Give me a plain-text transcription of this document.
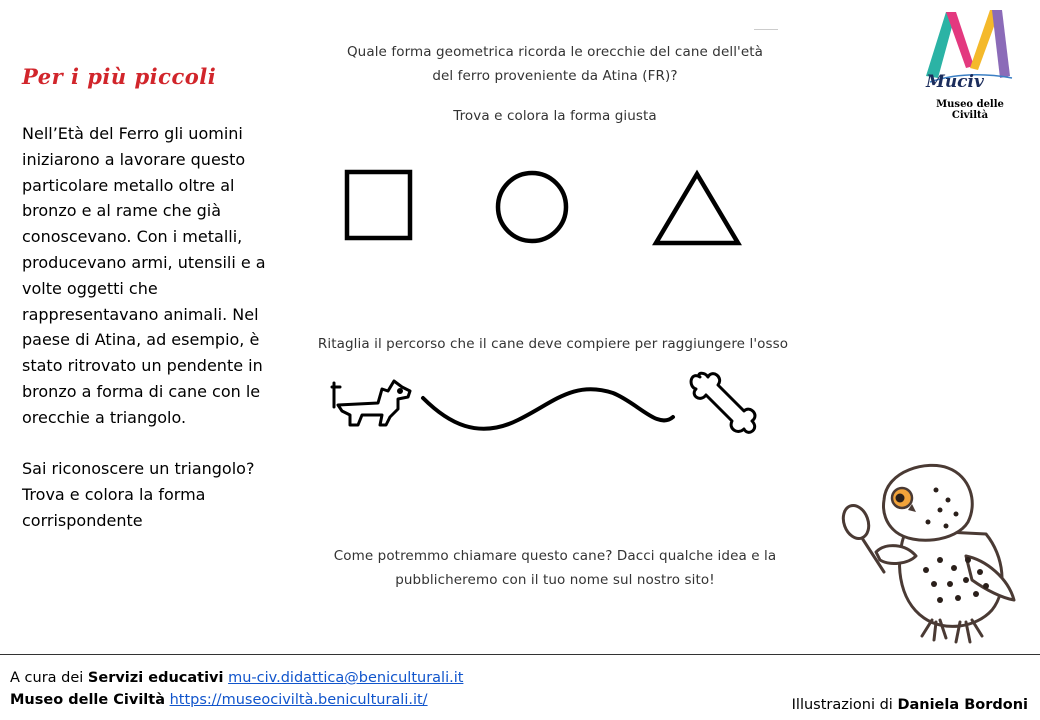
Muciv
Museo delle Civiltà
Per i più piccoli

Nell’Età del Ferro gli uomini iniziarono a lavorare questo particolare metallo oltre al bronzo e al rame che già conoscevano. Con i metalli, producevano armi, utensili e a volte oggetti che rappresentavano animali. Nel paese di Atina, ad esempio, è stato ritrovato un pendente in bronzo a forma di cane con le orecchie a triangolo.

Sai riconoscere un triangolo? Trova e colora la forma corrispondente

Quale forma geometrica ricorda le orecchie del cane dell'età
del ferro proveniente da Atina (FR)?
Trova e colora la forma giusta
Ritaglia il percorso che il cane deve compiere per raggiungere l'osso
Come potremmo chiamare questo cane? Dacci qualche idea e la
pubblicheremo con il tuo nome sul nostro sito!
A cura dei Servizi educativi mu-civ.didattica@beniculturali.it
Museo delle Civiltà https://museociviltà.beniculturali.it/	Illustrazioni di Daniela Bordoni
